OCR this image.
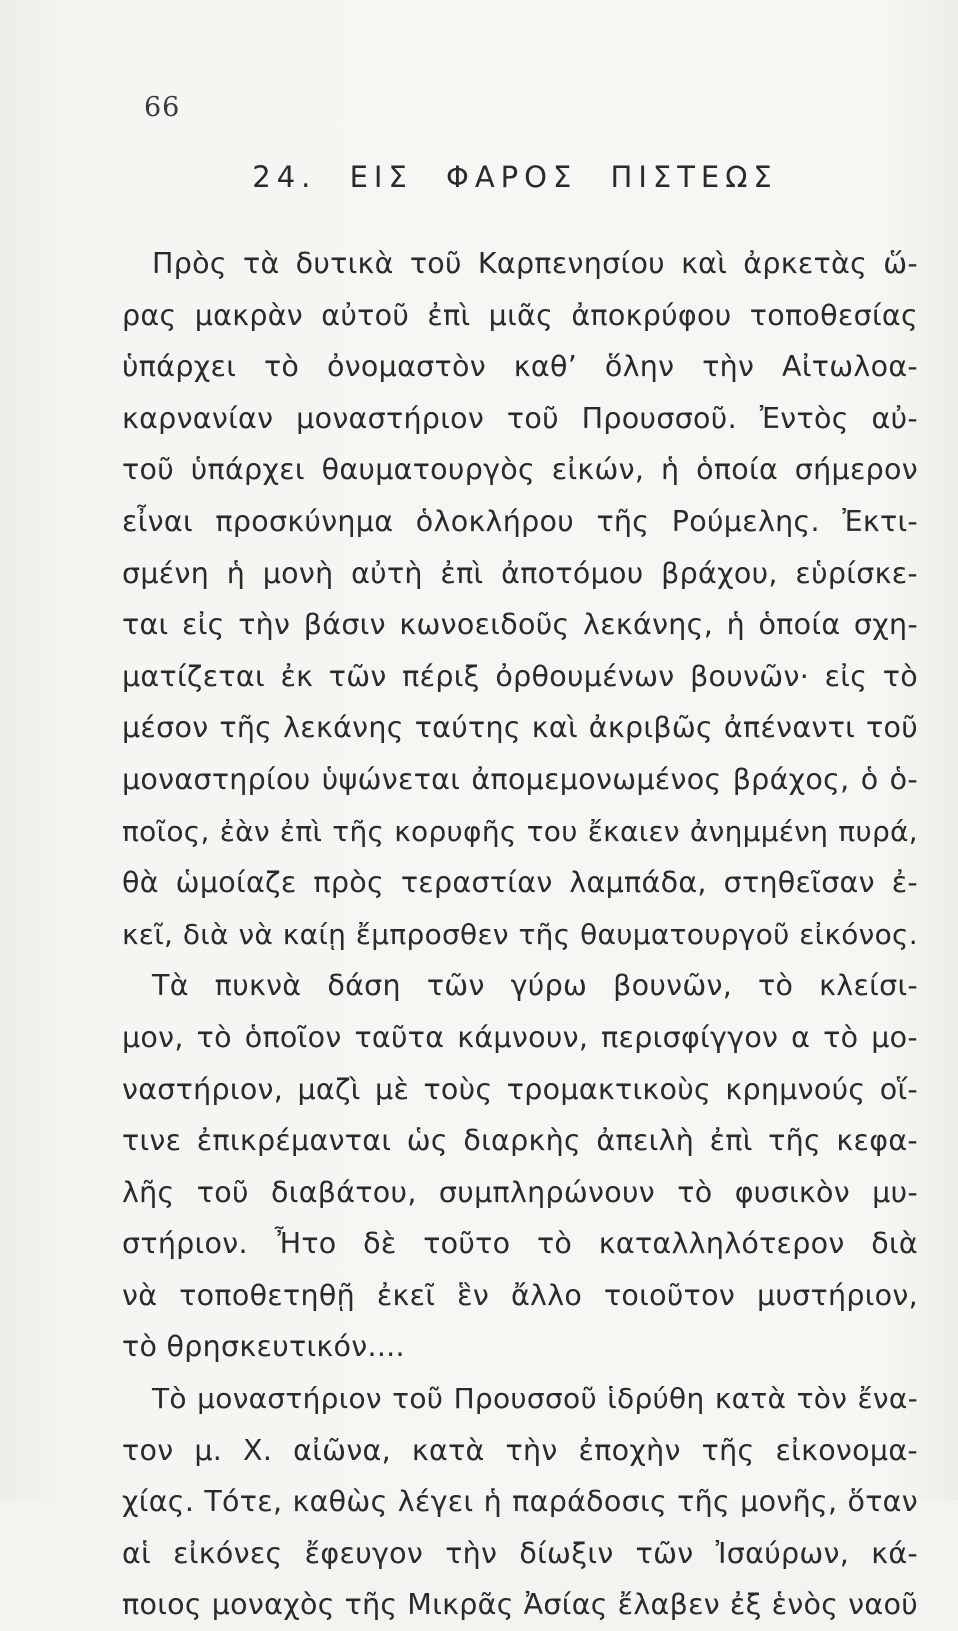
66
24. ΕΙΣ ΦΑΡΟΣ ΠΙΣΤΕΩΣ
Πρὸς τὰ δυτικὰ τοῦ Καρπενησίου καὶ ἀρκετὰς ὥ-
ρας μακρὰν αὐτοῦ ἐπὶ μιᾶς ἀποκρύφου τοποθεσίας
ὑπάρχει τὸ ὀνομαστὸν καθ’ ὅλην τὴν Αἰτωλοα-
καρνανίαν μοναστήριον τοῦ Προυσσοῦ. Ἐντὸς αὐ-
τοῦ ὑπάρχει θαυματουργὸς εἰκών, ἡ ὁποία σήμερον
εἶναι προσκύνημα ὁλοκλήρου τῆς Ρούμελης. Ἐκτι-
σμένη ἡ μονὴ αὐτὴ ἐπὶ ἀποτόμου βράχου, εὑρίσκε-
ται εἰς τὴν βάσιν κωνοειδοῦς λεκάνης, ἡ ὁποία σχη-
ματίζεται ἐκ τῶν πέριξ ὀρθουμένων βουνῶν· εἰς τὸ
μέσον τῆς λεκάνης ταύτης καὶ ἀκριβῶς ἀπέναντι τοῦ
μοναστηρίου ὑψώνεται ἀπομεμονωμένος βράχος, ὁ ὁ-
ποῖος, ἐὰν ἐπὶ τῆς κορυφῆς του ἔκαιεν ἀνημμένη πυρά,
θὰ ὡμοίαζε πρὸς τεραστίαν λαμπάδα, στηθεῖσαν ἐ-
κεῖ, διὰ νὰ καίῃ ἔμπροσθεν τῆς θαυματουργοῦ εἰκόνος.
Τὰ πυκνὰ δάση τῶν γύρω βουνῶν, τὸ κλείσι-
μον, τὸ ὁποῖον ταῦτα κάμνουν, περισφίγγον α τὸ μο-
ναστήριον, μαζὶ μὲ τοὺς τρομακτικοὺς κρημνούς οἵ-
τινε ἐπικρέμανται ὡς διαρκὴς ἀπειλὴ ἐπὶ τῆς κεφα-
λῆς τοῦ διαβάτου, συμπληρώνουν τὸ φυσικὸν μυ-
στήριον. Ἦτο δὲ τοῦτο τὸ καταλληλότερον διὰ
νὰ τοποθετηθῇ ἐκεῖ ἓν ἄλλο τοιοῦτον μυστήριον,
τὸ θρησκευτικόν....
Τὸ μοναστήριον τοῦ Προυσσοῦ ἱδρύθη κατὰ τὸν ἔνα-
τον μ. Χ. αἰῶνα, κατὰ τὴν ἐποχὴν τῆς εἰκονομα-
χίας. Τότε, καθὼς λέγει ἡ παράδοσις τῆς μονῆς, ὅταν
αἱ εἰκόνες ἔφευγον τὴν δίωξιν τῶν Ἰσαύρων, κά-
ποιος μοναχὸς τῆς Μικρᾶς Ἀσίας ἔλαβεν ἐξ ἑνὸς ναοῦ
